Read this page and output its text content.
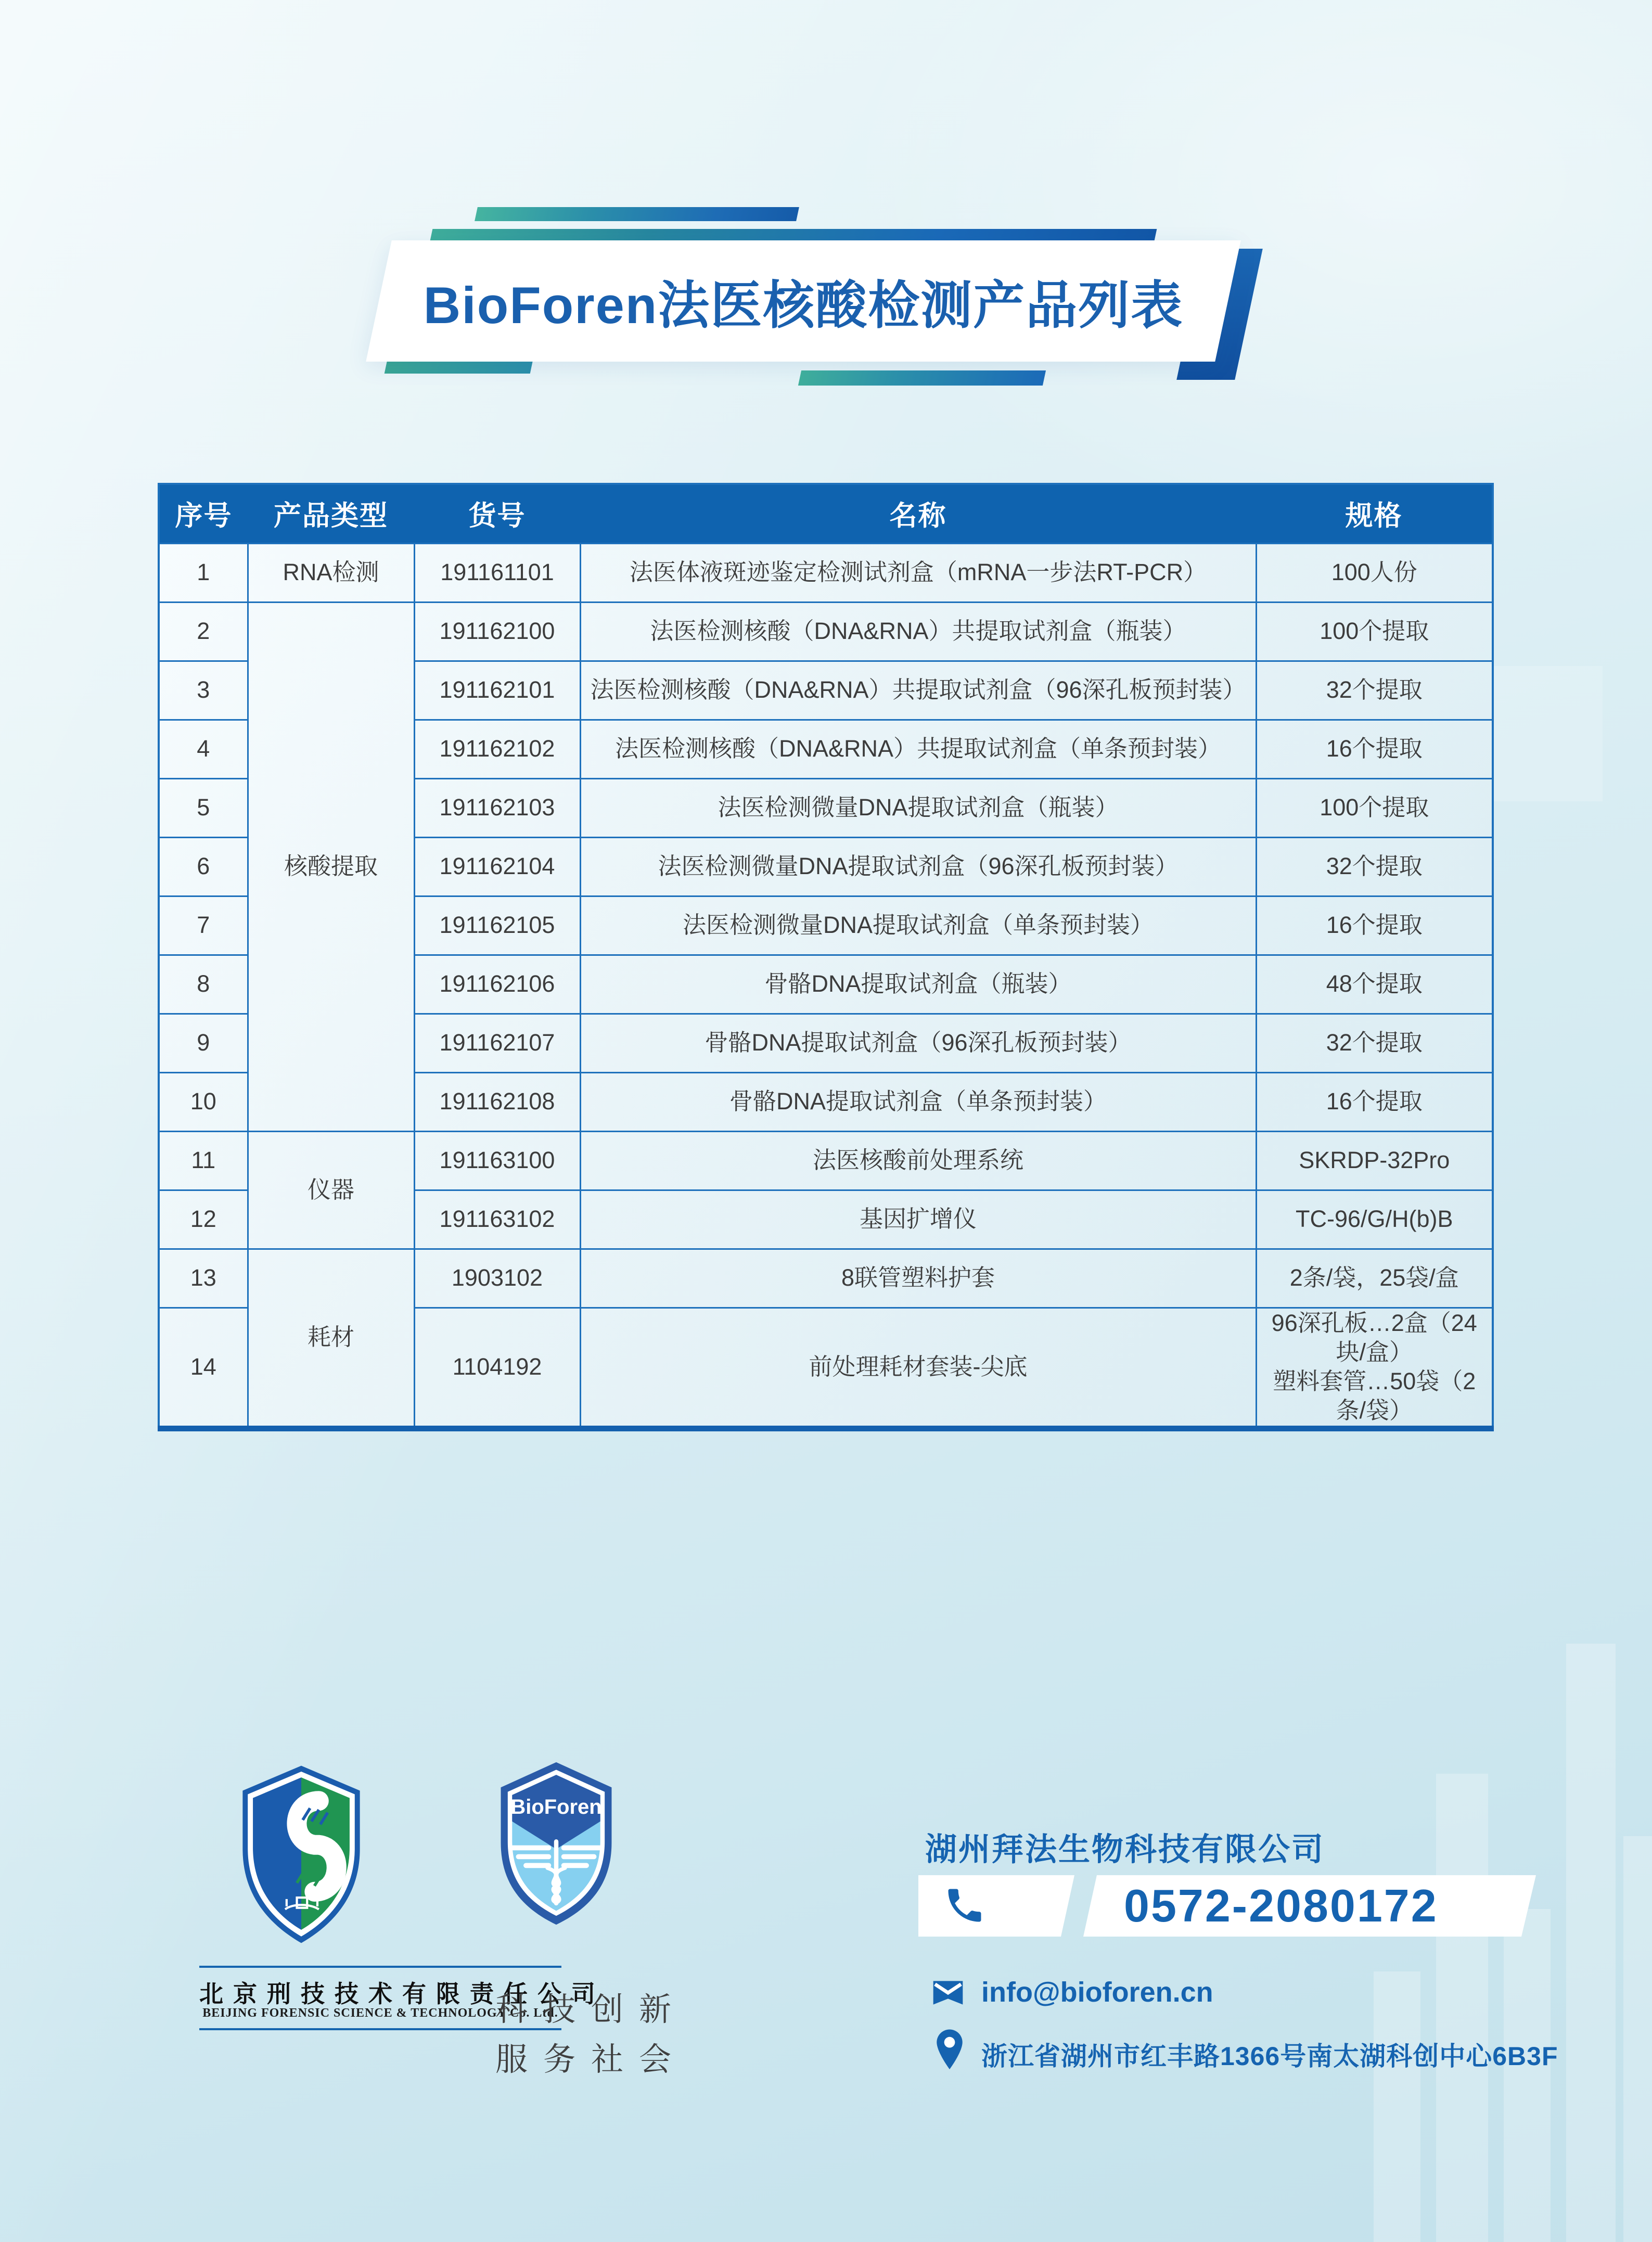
BioForen法医核酸检测产品列表
序号	产品类型	货号	名称	规格
1	RNA检测	191161101	法医体液斑迹鉴定检测试剂盒（mRNA一步法RT-PCR）	100人份
2	核酸提取	191162100	法医检测核酸（DNA&RNA）共提取试剂盒（瓶装）	100个提取
3		191162101	法医检测核酸（DNA&RNA）共提取试剂盒（96深孔板预封装）	32个提取
4		191162102	法医检测核酸（DNA&RNA）共提取试剂盒（单条预封装）	16个提取
5		191162103	法医检测微量DNA提取试剂盒（瓶装）	100个提取
6		191162104	法医检测微量DNA提取试剂盒（96深孔板预封装）	32个提取
7		191162105	法医检测微量DNA提取试剂盒（单条预封装）	16个提取
8		191162106	骨骼DNA提取试剂盒（瓶装）	48个提取
9		191162107	骨骼DNA提取试剂盒（96深孔板预封装）	32个提取
10		191162108	骨骼DNA提取试剂盒（单条预封装）	16个提取
11	仪器	191163100	法医核酸前处理系统	SKRDP-32Pro
12		191163102	基因扩增仪	TC-96/G/H(b)B
13	耗材	1903102	8联管塑料护套	2条/袋，25袋/盒
14		1104192	前处理耗材套装-尖底	96深孔板…2盒（24块/盒）
塑料套管…50袋（2条/袋）
北京刑技技术有限责任公司
BEIJING FORENSIC SCIENCE & TECHNOLOGY Co. Ltd.
BioForen
科技创新
服务社会
湖州拜法生物科技有限公司
0572-2080172
info@bioforen.cn
浙江省湖州市红丰路1366号南太湖科创中心6B3F
